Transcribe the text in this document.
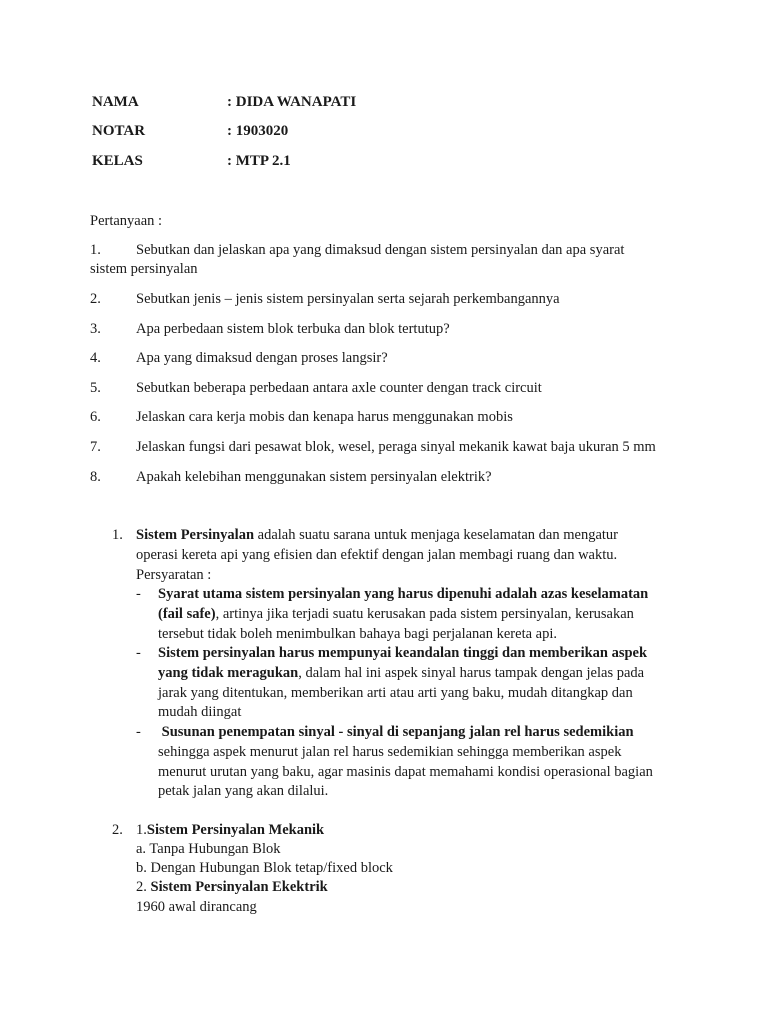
NAMA	: DIDA WANAPATI
NOTAR	: 1903020
KELAS	: MTP 2.1
Pertanyaan :
1. Sebutkan dan jelaskan apa yang dimaksud dengan sistem persinyalan dan apa syarat
sistem persinyalan
2. Sebutkan jenis – jenis sistem persinyalan serta sejarah perkembangannya
3. Apa perbedaan sistem blok terbuka dan blok tertutup?
4. Apa yang dimaksud dengan proses langsir?
5. Sebutkan beberapa perbedaan antara axle counter dengan track circuit
6. Jelaskan cara kerja mobis dan kenapa harus menggunakan mobis
7. Jelaskan fungsi dari pesawat blok, wesel, peraga sinyal mekanik kawat baja ukuran 5 mm
8. Apakah kelebihan menggunakan sistem persinyalan elektrik?
1. Sistem Persinyalan adalah suatu sarana untuk menjaga keselamatan dan mengatur
operasi kereta api yang efisien dan efektif dengan jalan membagi ruang dan waktu.
Persyaratan :
- Syarat utama sistem persinyalan yang harus dipenuhi adalah azas keselamatan
(fail safe), artinya jika terjadi suatu kerusakan pada sistem persinyalan, kerusakan
tersebut tidak boleh menimbulkan bahaya bagi perjalanan kereta api.
- Sistem persinyalan harus mempunyai keandalan tinggi dan memberikan aspek
yang tidak meragukan, dalam hal ini aspek sinyal harus tampak dengan jelas pada
jarak yang ditentukan, memberikan arti atau arti yang baku, mudah ditangkap dan
mudah diingat
- Susunan penempatan sinyal - sinyal di sepanjang jalan rel harus sedemikian
sehingga aspek menurut jalan rel harus sedemikian sehingga memberikan aspek
menurut urutan yang baku, agar masinis dapat memahami kondisi operasional bagian
petak jalan yang akan dilalui.
2. 1.Sistem Persinyalan Mekanik
a. Tanpa Hubungan Blok
b. Dengan Hubungan Blok tetap/fixed block
2. Sistem Persinyalan Ekektrik
1960 awal dirancang
